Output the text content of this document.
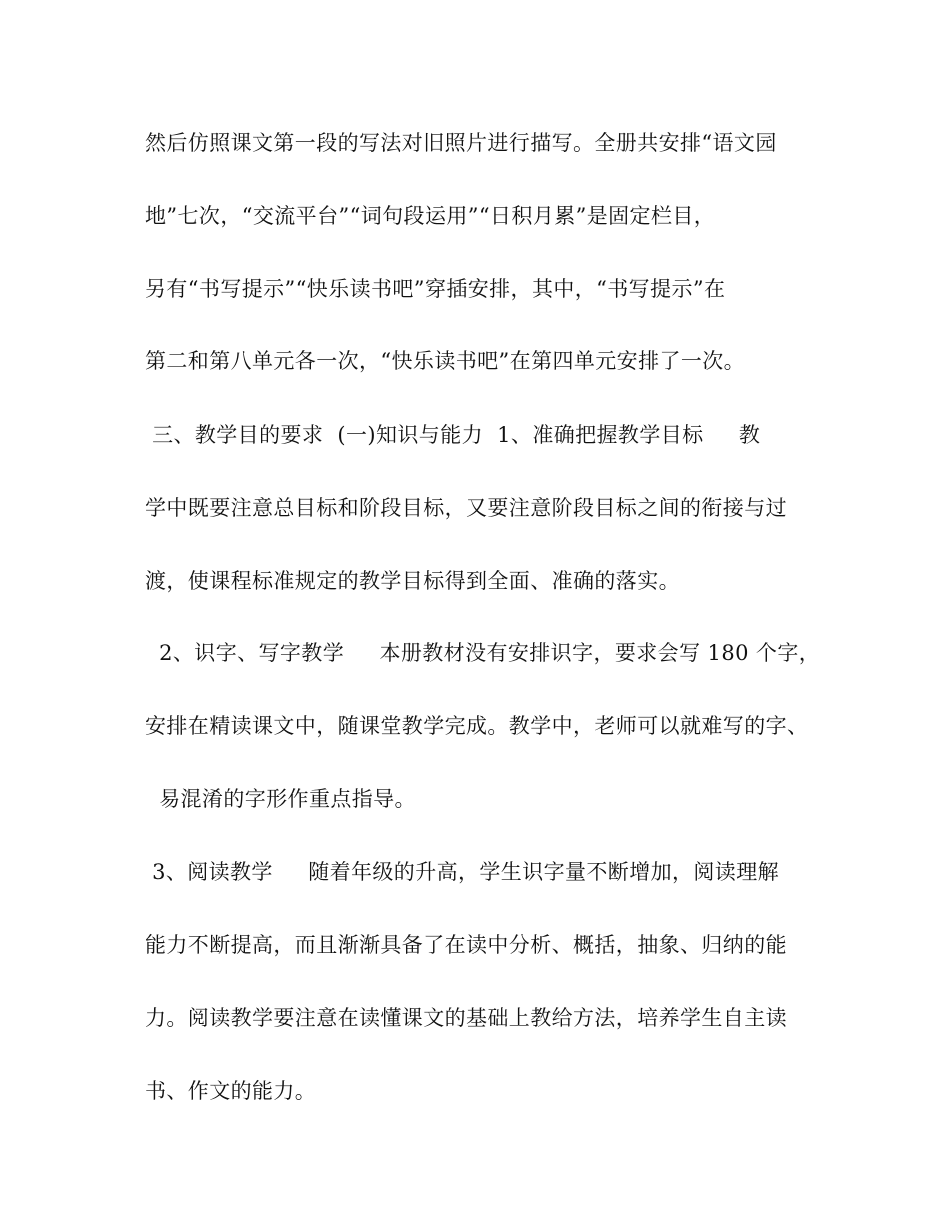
然后仿照课文第一段的写法对旧照片进行描写。全册共安排“语文园
地”七次，“交流平台”“词句段运用”“日积月累”是固定栏目，
另有“书写提示”“快乐读书吧”穿插安排，其中，“书写提示”在
第二和第八单元各一次，“快乐读书吧”在第四单元安排了一次。
三、教学目的要求  (一)知识与能力  1、准确把握教学目标     教
学中既要注意总目标和阶段目标，又要注意阶段目标之间的衔接与过
渡，使课程标准规定的教学目标得到全面、准确的落实。
2、识字、写字教学     本册教材没有安排识字，要求会写 180 个字，
安排在精读课文中，随课堂教学完成。教学中，老师可以就难写的字、
易混淆的字形作重点指导。
3、阅读教学     随着年级的升高，学生识字量不断增加，阅读理解
能力不断提高，而且渐渐具备了在读中分析、概括，抽象、归纳的能
力。阅读教学要注意在读懂课文的基础上教给方法，培养学生自主读
书、作文的能力。
